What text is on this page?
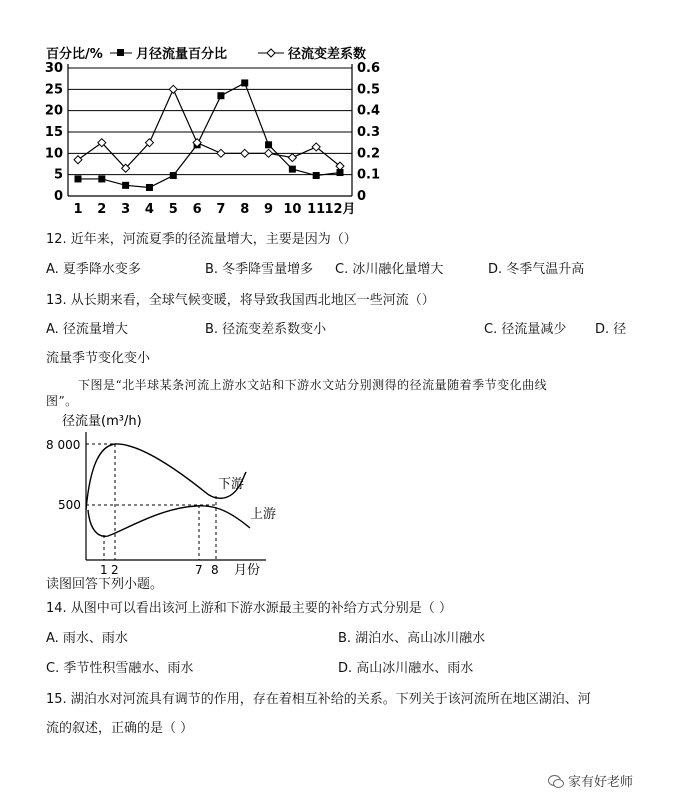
百分比/%	月径流量百分比	径流变差系数
0	0
5	0.1
10	0.2
15	0.3
20	0.4
25	0.5
30	0.6
1 2 3 4 5 6 7 8 9 10 11 12月
12. 近年来，河流夏季的径流量增大，主要是因为（）
A. 夏季降水变多	B. 冬季降雪量增多 C. 冰川融化量增大	D. 冬季气温升高
13. 从长期来看，全球气候变暖，将导致我国西北地区一些河流（）
A. 径流量增大	B. 径流变差系数变小	C. 径流量减少 D. 径
流量季节变化变小
下图是“北半球某条河流上游水文站和下游水文站分别测得的径流量随着季节变化曲线
图”。
径流量(m³/h)
8 000
500
下游
上游
1 2	7 8 月份
读图回答下列小题。
14. 从图中可以看出该河上游和下游水源最主要的补给方式分别是（ ）
A. 雨水、雨水	B. 湖泊水、高山冰川融水
C. 季节性积雪融水、雨水	D. 高山冰川融水、雨水
15. 湖泊水对河流具有调节的作用，存在着相互补给的关系。下列关于该河流所在地区湖泊、河
流的叙述，正确的是（ ）
家有好老师
